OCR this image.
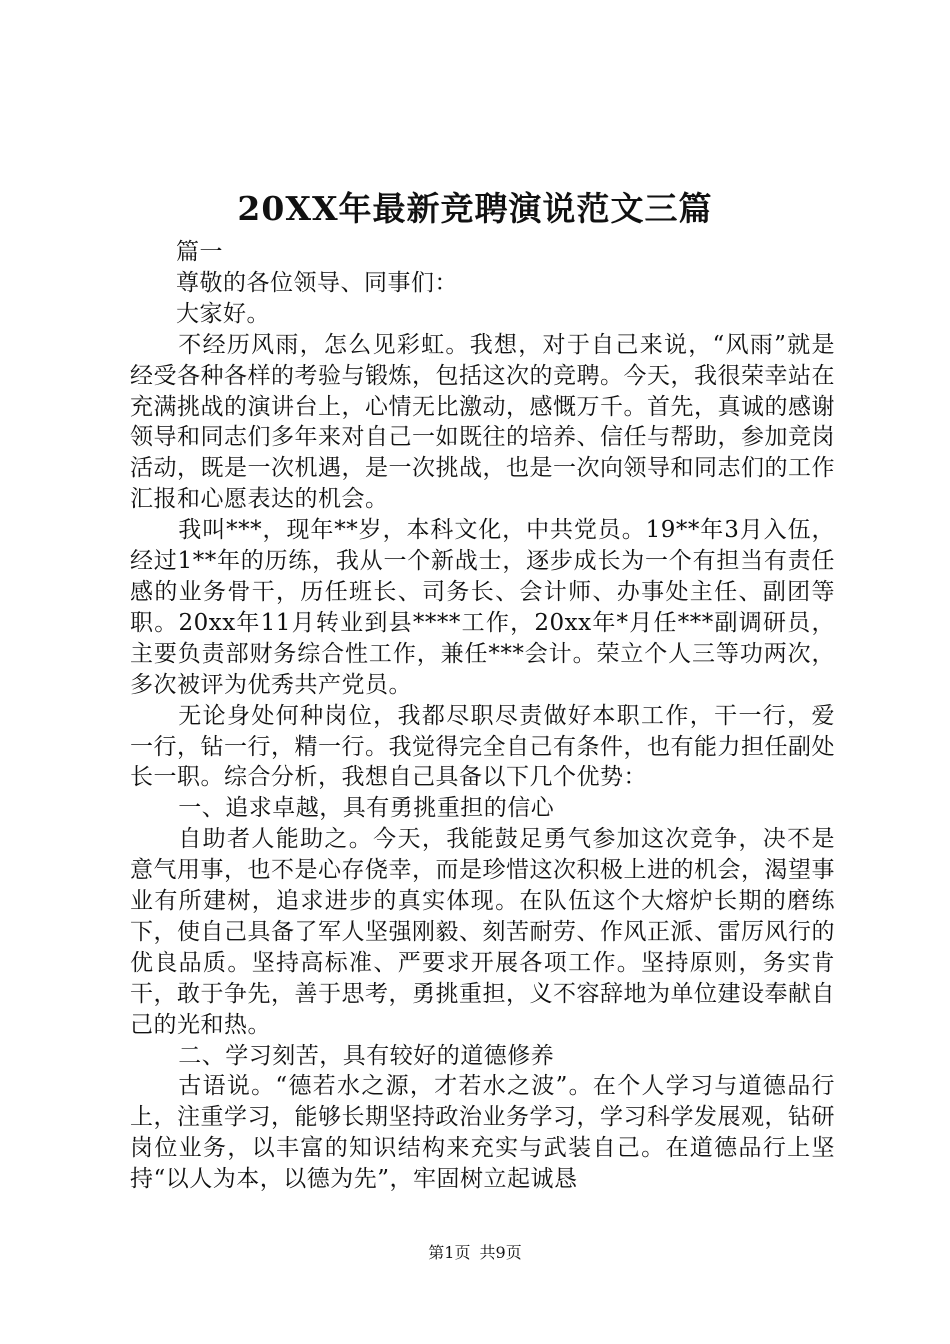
20XX年最新竞聘演说范文三篇

篇一

尊敬的各位领导、同事们：

大家好。

不经历风雨，怎么见彩虹。我想，对于自己来说，“风雨”就是经受各种各样的考验与锻炼，包括这次的竞聘。今天，我很荣幸站在充满挑战的演讲台上，心情无比激动，感慨万千。首先，真诚的感谢领导和同志们多年来对自己一如既往的培养、信任与帮助，参加竞岗活动，既是一次机遇，是一次挑战，也是一次向领导和同志们的工作汇报和心愿表达的机会。

我叫***，现年**岁，本科文化，中共党员。19**年3月入伍，经过1**年的历练，我从一个新战士，逐步成长为一个有担当有责任感的业务骨干，历任班长、司务长、会计师、办事处主任、副团等职。20xx年11月转业到县****工作，20xx年*月任***副调研员，主要负责部财务综合性工作，兼任***会计。荣立个人三等功两次，多次被评为优秀共产党员。

无论身处何种岗位，我都尽职尽责做好本职工作，干一行，爱一行，钻一行，精一行。我觉得完全自己有条件，也有能力担任副处长一职。综合分析，我想自己具备以下几个优势：

一、追求卓越，具有勇挑重担的信心

自助者人能助之。今天，我能鼓足勇气参加这次竞争，决不是意气用事，也不是心存侥幸，而是珍惜这次积极上进的机会，渴望事业有所建树，追求进步的真实体现。在队伍这个大熔炉长期的磨练下，使自己具备了军人坚强刚毅、刻苦耐劳、作风正派、雷厉风行的优良品质。坚持高标准、严要求开展各项工作。坚持原则，务实肯干，敢于争先，善于思考，勇挑重担，义不容辞地为单位建设奉献自己的光和热。

二、学习刻苦，具有较好的道德修养

古语说。“德若水之源，才若水之波”。在个人学习与道德品行上，注重学习，能够长期坚持政治业务学习，学习科学发展观，钻研岗位业务，以丰富的知识结构来充实与武装自己。在道德品行上坚持“以人为本，以德为先”，牢固树立起诚恳

第1页 共9页
